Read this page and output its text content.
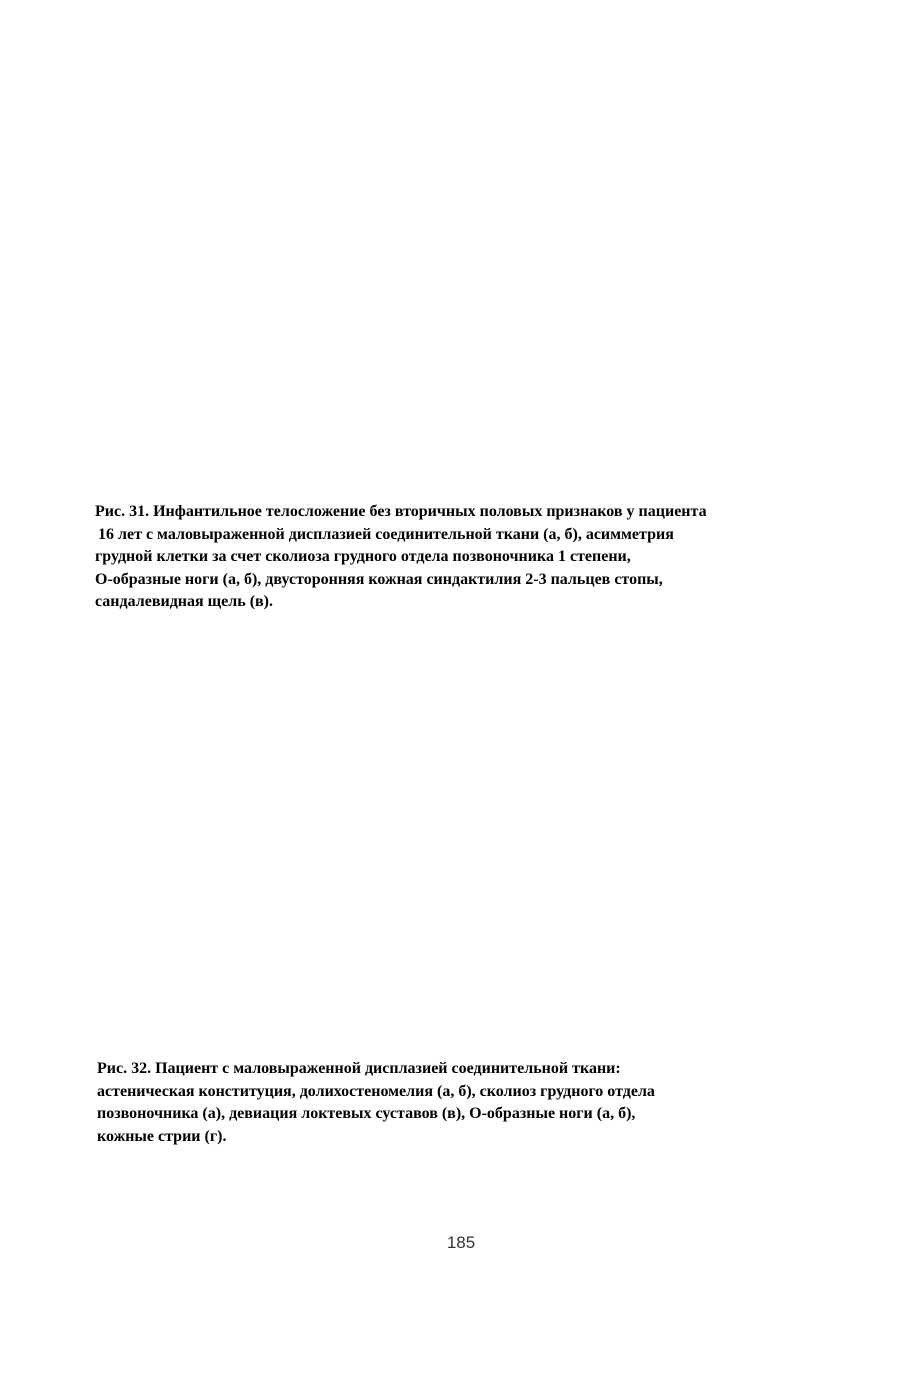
Рис. 31. Инфантильное телосложение без вторичных половых признаков у пациента
16 лет с маловыраженной дисплазией соединительной ткани (а, б), асимметрия
грудной клетки за счет сколиоза грудного отдела позвоночника 1 степени,
О-образные ноги (а, б), двусторонняя кожная синдактилия 2-3 пальцев стопы,
сандалевидная щель (в).
Рис. 32. Пациент с маловыраженной дисплазией соединительной ткани:
астеническая конституция, долихостеномелия (а, б), сколиоз грудного отдела
позвоночника (а), девиация локтевых суставов (в), О-образные ноги (а, б),
кожные стрии (г).
185
